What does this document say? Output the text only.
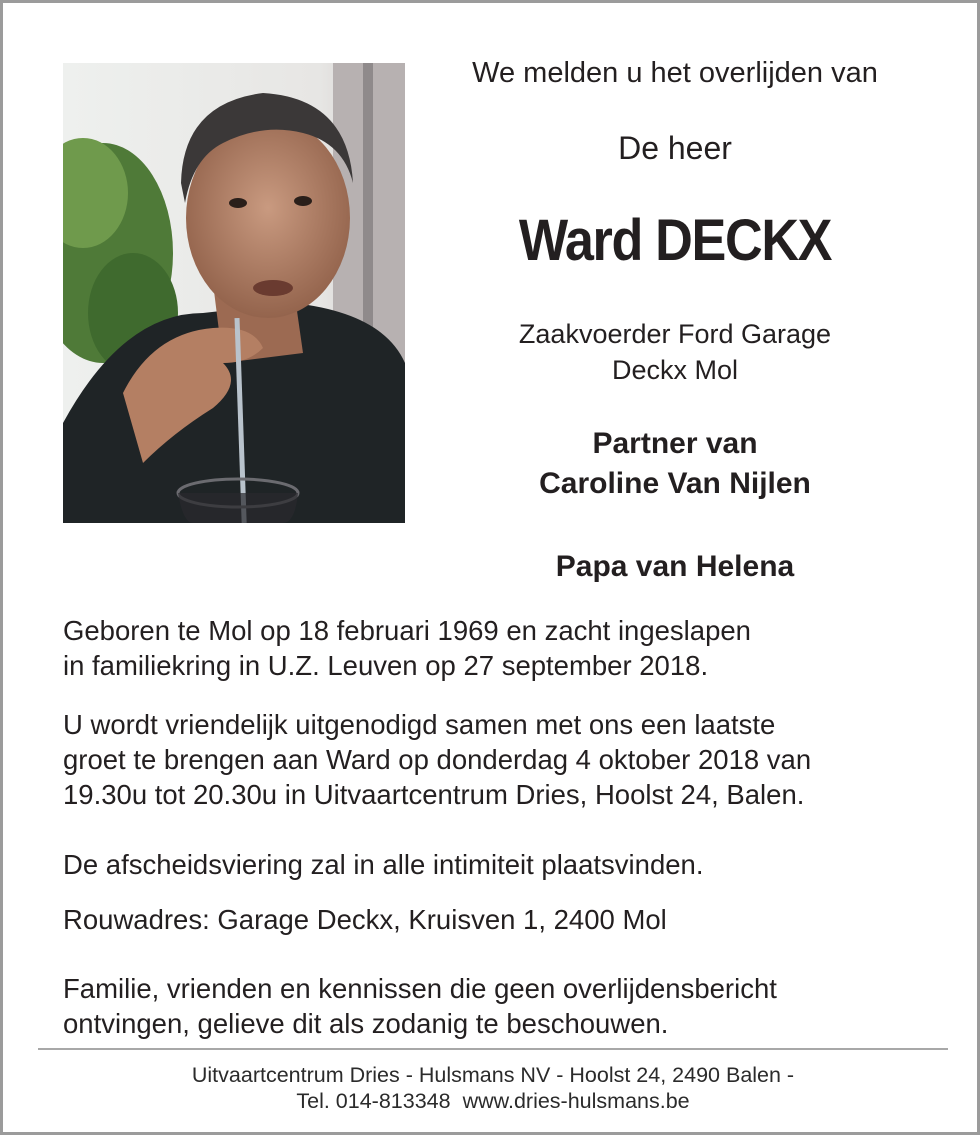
We melden u het overlijden van
De heer
Ward DECKX
Zaakvoerder Ford Garage
Deckx Mol
Partner van
Caroline Van Nijlen
Papa van Helena
Geboren te Mol op 18 februari 1969 en zacht ingeslapen
in familiekring in U.Z. Leuven op 27 september 2018.
U wordt vriendelijk uitgenodigd samen met ons een laatste
groet te brengen aan Ward op donderdag 4 oktober 2018 van
19.30u tot 20.30u in Uitvaartcentrum Dries, Hoolst 24, Balen.
De afscheidsviering zal in alle intimiteit plaatsvinden.
Rouwadres: Garage Deckx, Kruisven 1, 2400 Mol
Familie, vrienden en kennissen die geen overlijdensbericht
ontvingen, gelieve dit als zodanig te beschouwen.
Uitvaartcentrum Dries - Hulsmans NV - Hoolst 24, 2490 Balen -
Tel. 014-813348 www.dries-hulsmans.be
